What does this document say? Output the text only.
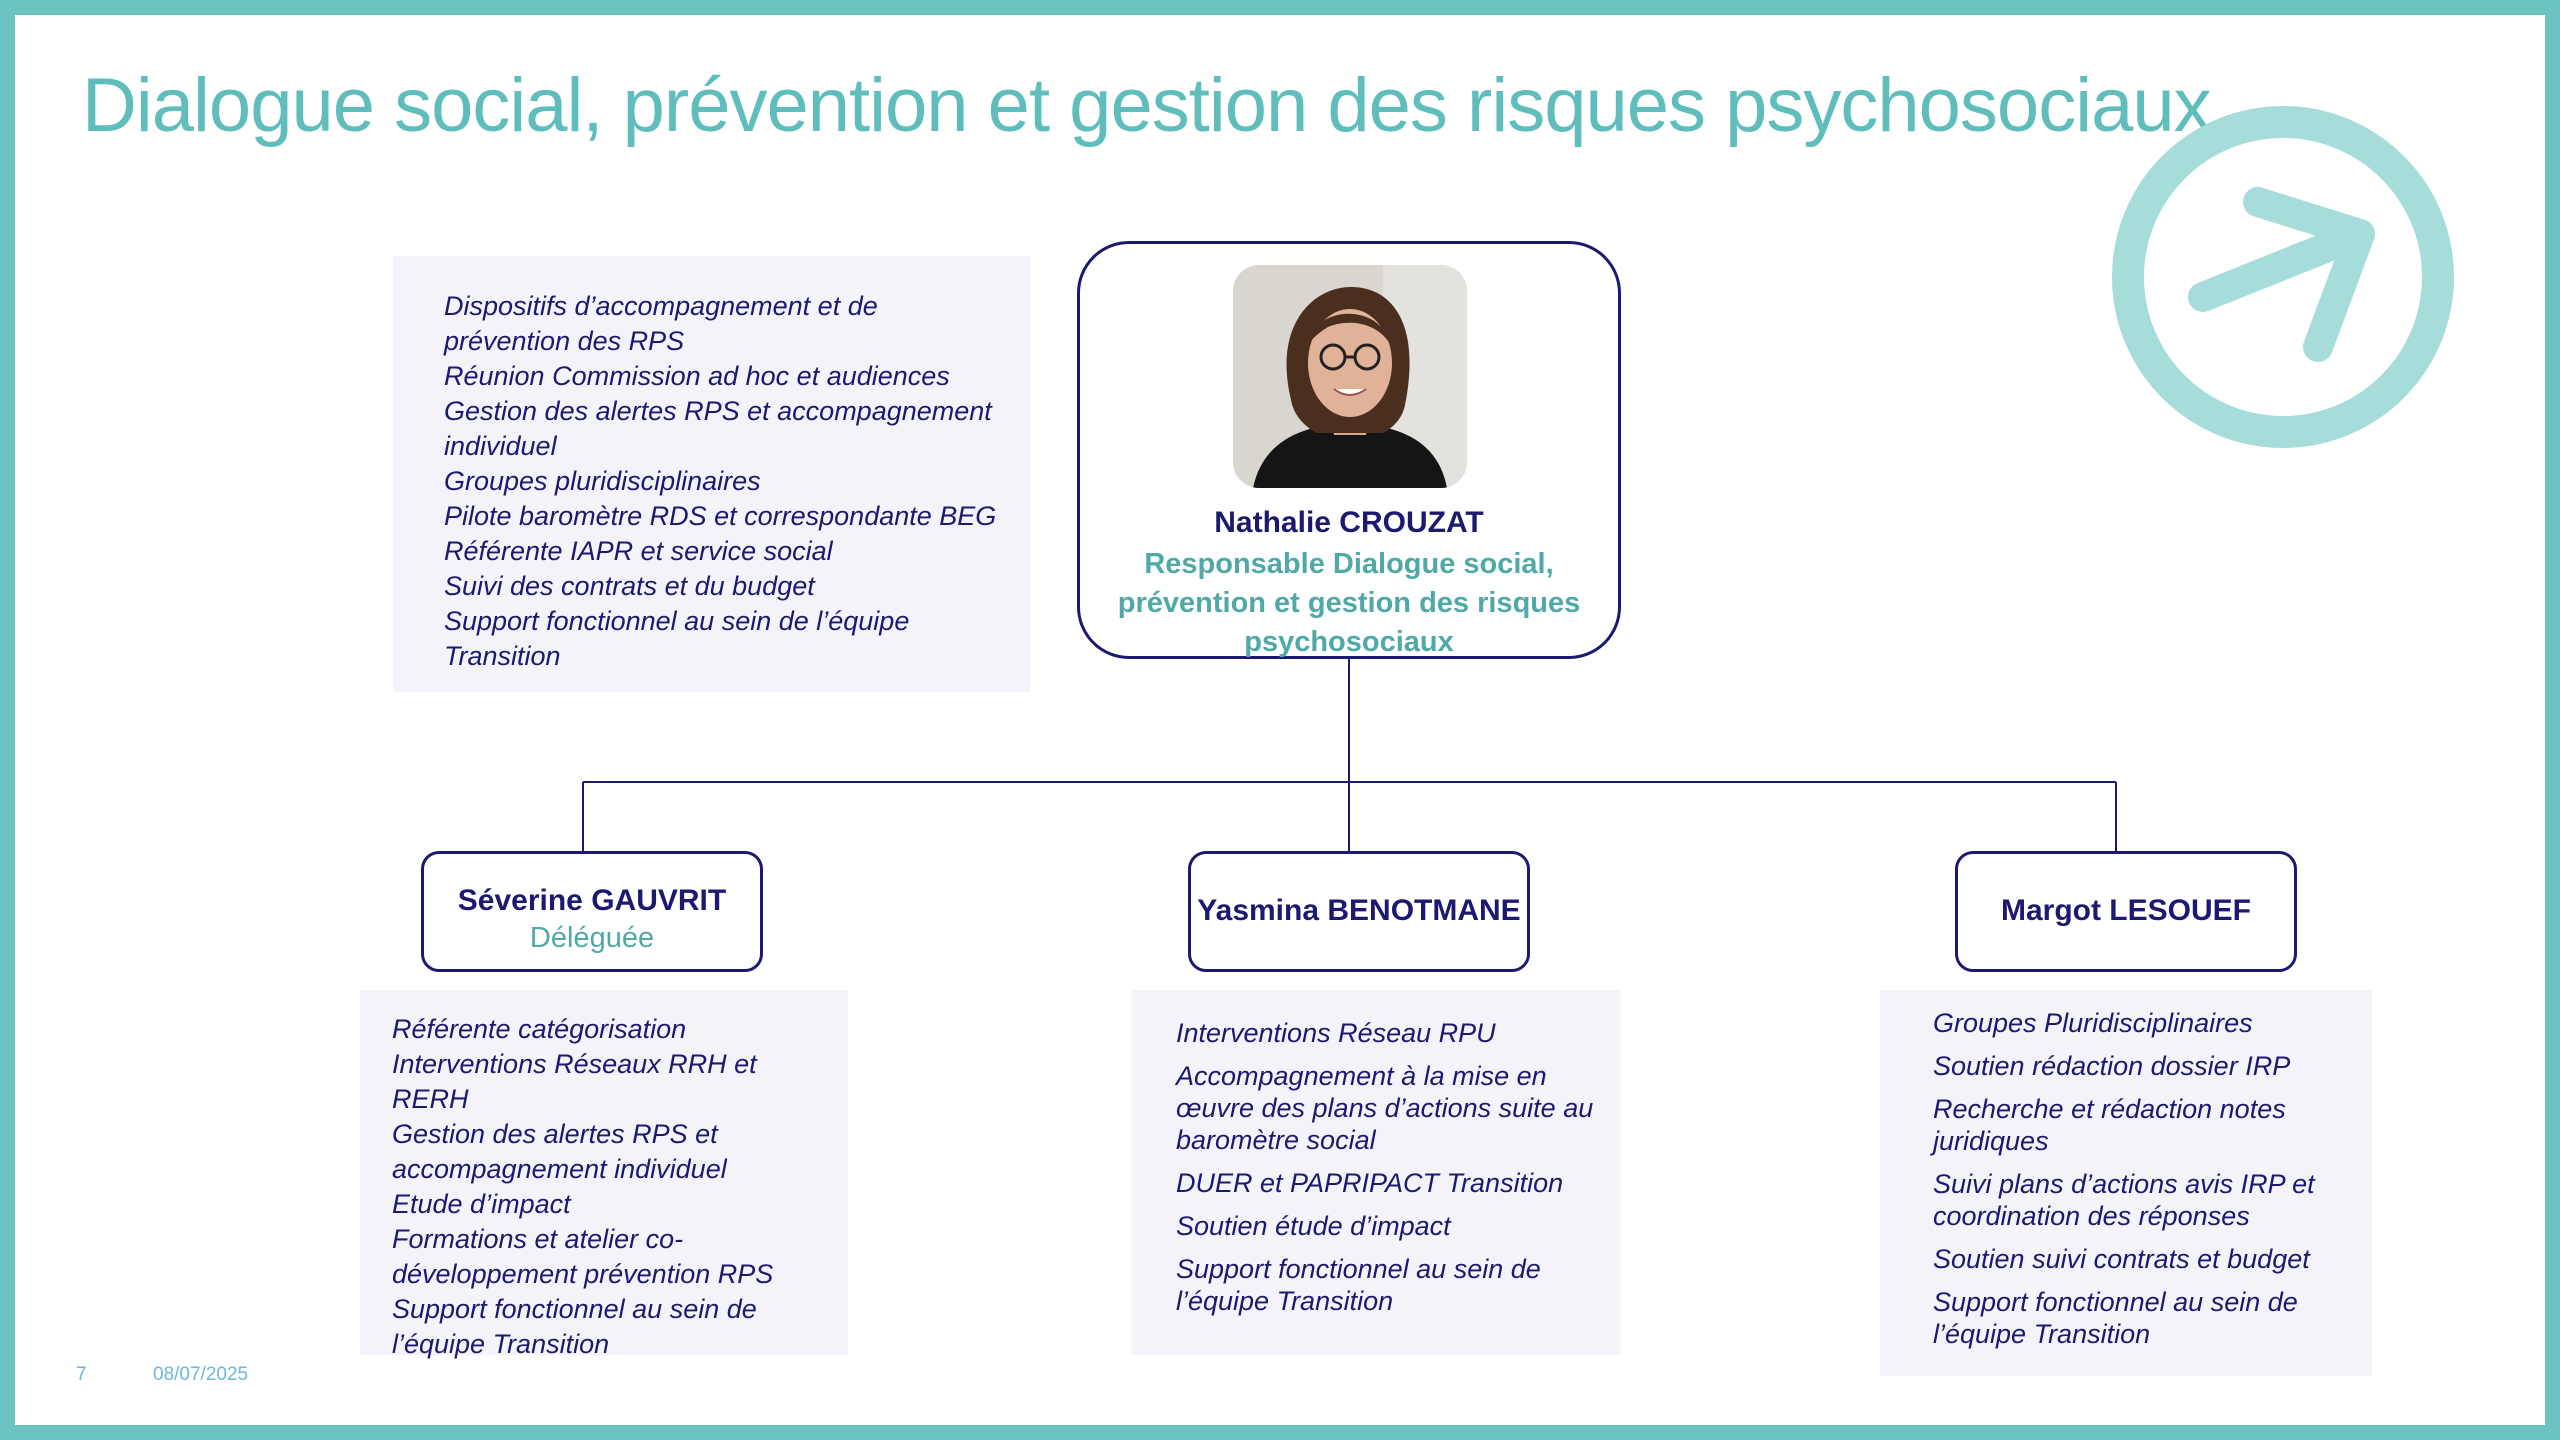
Dialogue social, prévention et gestion des risques psychosociaux
Dispositifs d’accompagnement et de prévention des RPS
Réunion Commission ad hoc et audiences
Gestion des alertes RPS et accompagnement individuel
Groupes pluridisciplinaires
Pilote baromètre RDS et correspondante BEG
Référente IAPR et service social
Suivi des contrats et du budget
Support fonctionnel au sein de l’équipe Transition
Nathalie CROUZAT
Responsable Dialogue social, prévention et gestion des risques psychosociaux
Séverine GAUVRIT
Déléguée
Yasmina BENOTMANE	Margot LESOUEF
Référente catégorisation
Interventions Réseaux RRH et RERH
Gestion des alertes RPS et accompagnement individuel
Etude d’impact
Formations et atelier co-développement prévention RPS
Support fonctionnel au sein de l’équipe Transition
Interventions Réseau RPU
Accompagnement à la mise en œuvre des plans d’actions suite au baromètre social
DUER et PAPRIPACT Transition
Soutien étude d’impact
Support fonctionnel au sein de l’équipe Transition
Groupes Pluridisciplinaires
Soutien rédaction dossier IRP
Recherche et rédaction notes juridiques
Suivi plans d’actions avis IRP et coordination des réponses
Soutien suivi contrats et budget
Support fonctionnel au sein de l’équipe Transition
7	08/07/2025
